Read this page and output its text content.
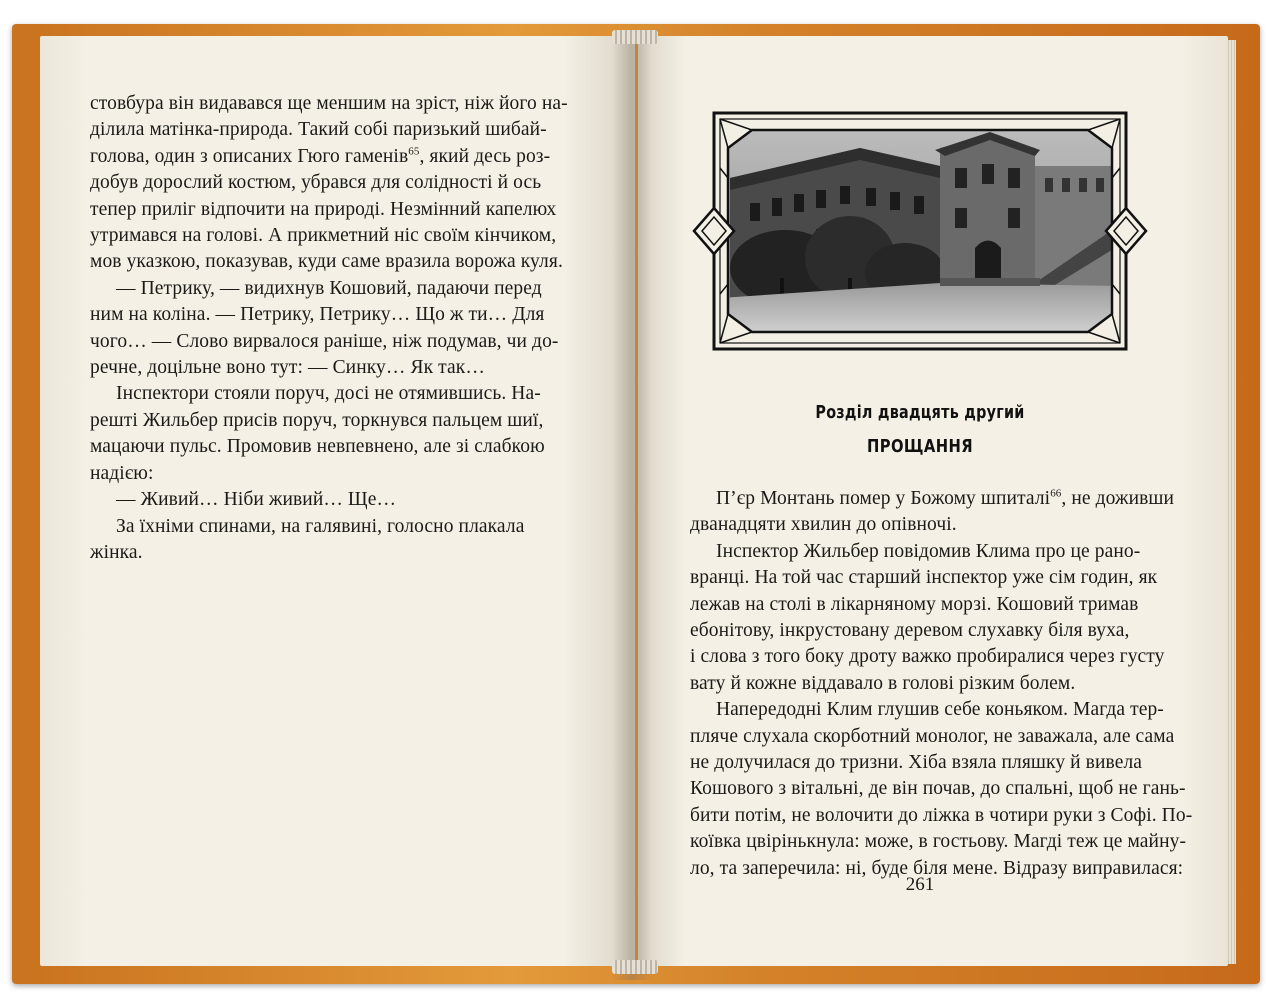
стовбура він видавався ще меншим на зріст, ніж його на-
ділила матінка-природа. Такий собі паризький шибай-
голова, один з описаних Гюго гаменів$^{65}$, який десь роз-
добув дорослий костюм, убрався для солідності й ось
тепер приліг відпочити на природі. Незмінний капелюх
утримався на голові. А прикметний ніс своїм кінчиком,
мов указкою, показував, куди саме вразила ворожа куля.
— Петрику, — видихнув Кошовий, падаючи перед
ним на коліна. — Петрику, Петрику… Що ж ти… Для
чого… — Слово вирвалося раніше, ніж подумав, чи до-
речне, доцільне воно тут: — Синку… Як так…
Інспектори стояли поруч, досі не отямившись. На-
решті Жильбер присів поруч, торкнувся пальцем шиї,
мацаючи пульс. Промовив невпевнено, але зі слабкою
надією:
— Живий… Ніби живий… Ще…
За їхніми спинами, на галявині, голосно плакала
жінка.
Розділ двадцять другий
ПРОЩАННЯ
П’єр Монтань помер у Божому шпиталі$^{66}$, не доживши
дванадцяти хвилин до опівночі.
Інспектор Жильбер повідомив Клима про це рано-
вранці. На той час старший інспектор уже сім годин, як
лежав на столі в лікарняному морзі. Кошовий тримав
ебонітову, інкрустовану деревом слухавку біля вуха,
і слова з того боку дроту важко пробиралися через густу
вату й кожне віддавало в голові різким болем.
Напередодні Клим глушив себе коньяком. Магда тер-
пляче слухала скорботний монолог, не заважала, але сама
не долучилася до тризни. Хіба взяла пляшку й вивела
Кошового з вітальні, де він почав, до спальні, щоб не гань-
бити потім, не волочити до ліжка в чотири руки з Софі. По-
коївка цвірінькнула: може, в гостьову. Магді теж це майну-
ло, та заперечила: ні, буде біля мене. Відразу виправилася:
261
